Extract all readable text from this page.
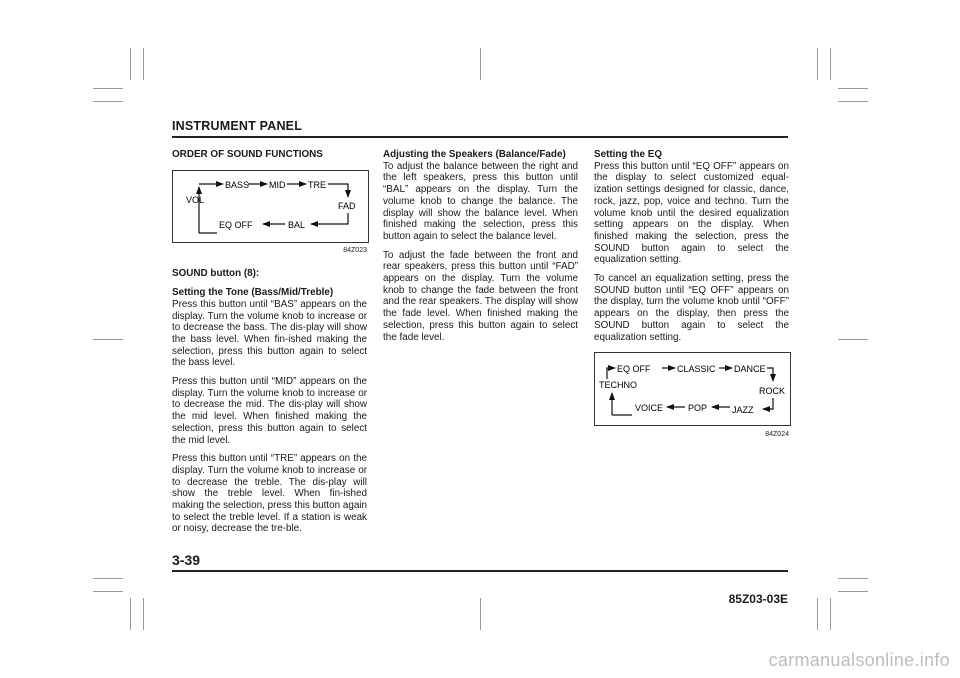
INSTRUMENT PANEL
ORDER OF SOUND FUNCTIONS
BASS MID	TRE
VOL
FAD
EQ OFF	BAL
84Z023
SOUND button (8):
Setting the Tone (Bass/Mid/Treble)

Press this button until “BAS” appears on the display. Turn the volume knob to increase or to decrease the bass. The dis-play will show the bass level. When fin-ished making the selection, press this button again to select the bass level.

Press this button until “MID” appears on the display. Turn the volume knob to increase or to decrease the mid. The dis-play will show the mid level. When finished making the selection, press this button again to select the mid level.

Press this button until “TRE” appears on the display. Turn the volume knob to increase or to decrease the treble. The dis-play will show the treble level. When fin-ished making the selection, press this button again to select the treble level. If a station is weak or noisy, decrease the tre-ble.

Adjusting the Speakers (Balance/Fade)

To adjust the balance between the right and the left speakers, press this button until “BAL” appears on the display. Turn the volume knob to change the balance. The display will show the balance level. When finished making the selection, press this button again to select the balance level.

To adjust the fade between the front and rear speakers, press this button until “FAD” appears on the display. Turn the volume knob to change the fade between the front and the rear speakers. The display will show the fade level. When finished making the selection, press this button again to select the fade level.

Setting the EQ

Press this button until “EQ OFF” appears on the display to select customized equal-ization settings designed for classic, dance, rock, jazz, pop, voice and techno. Turn the volume knob until the desired equalization setting appears on the display. When finished making the selection, press the SOUND button again to select the equalization setting.

To cancel an equalization setting, press the SOUND button until “EQ OFF” appears on the display, turn the volume knob until “OFF” appears on the display, then press the SOUND button again to select the equalization setting.

EQ OFF	CLASSIC DANCE
TECHNO
ROCK
VOICE	POP	JAZZ
84Z024
3-39
85Z03-03E
carmanualsonline.info
